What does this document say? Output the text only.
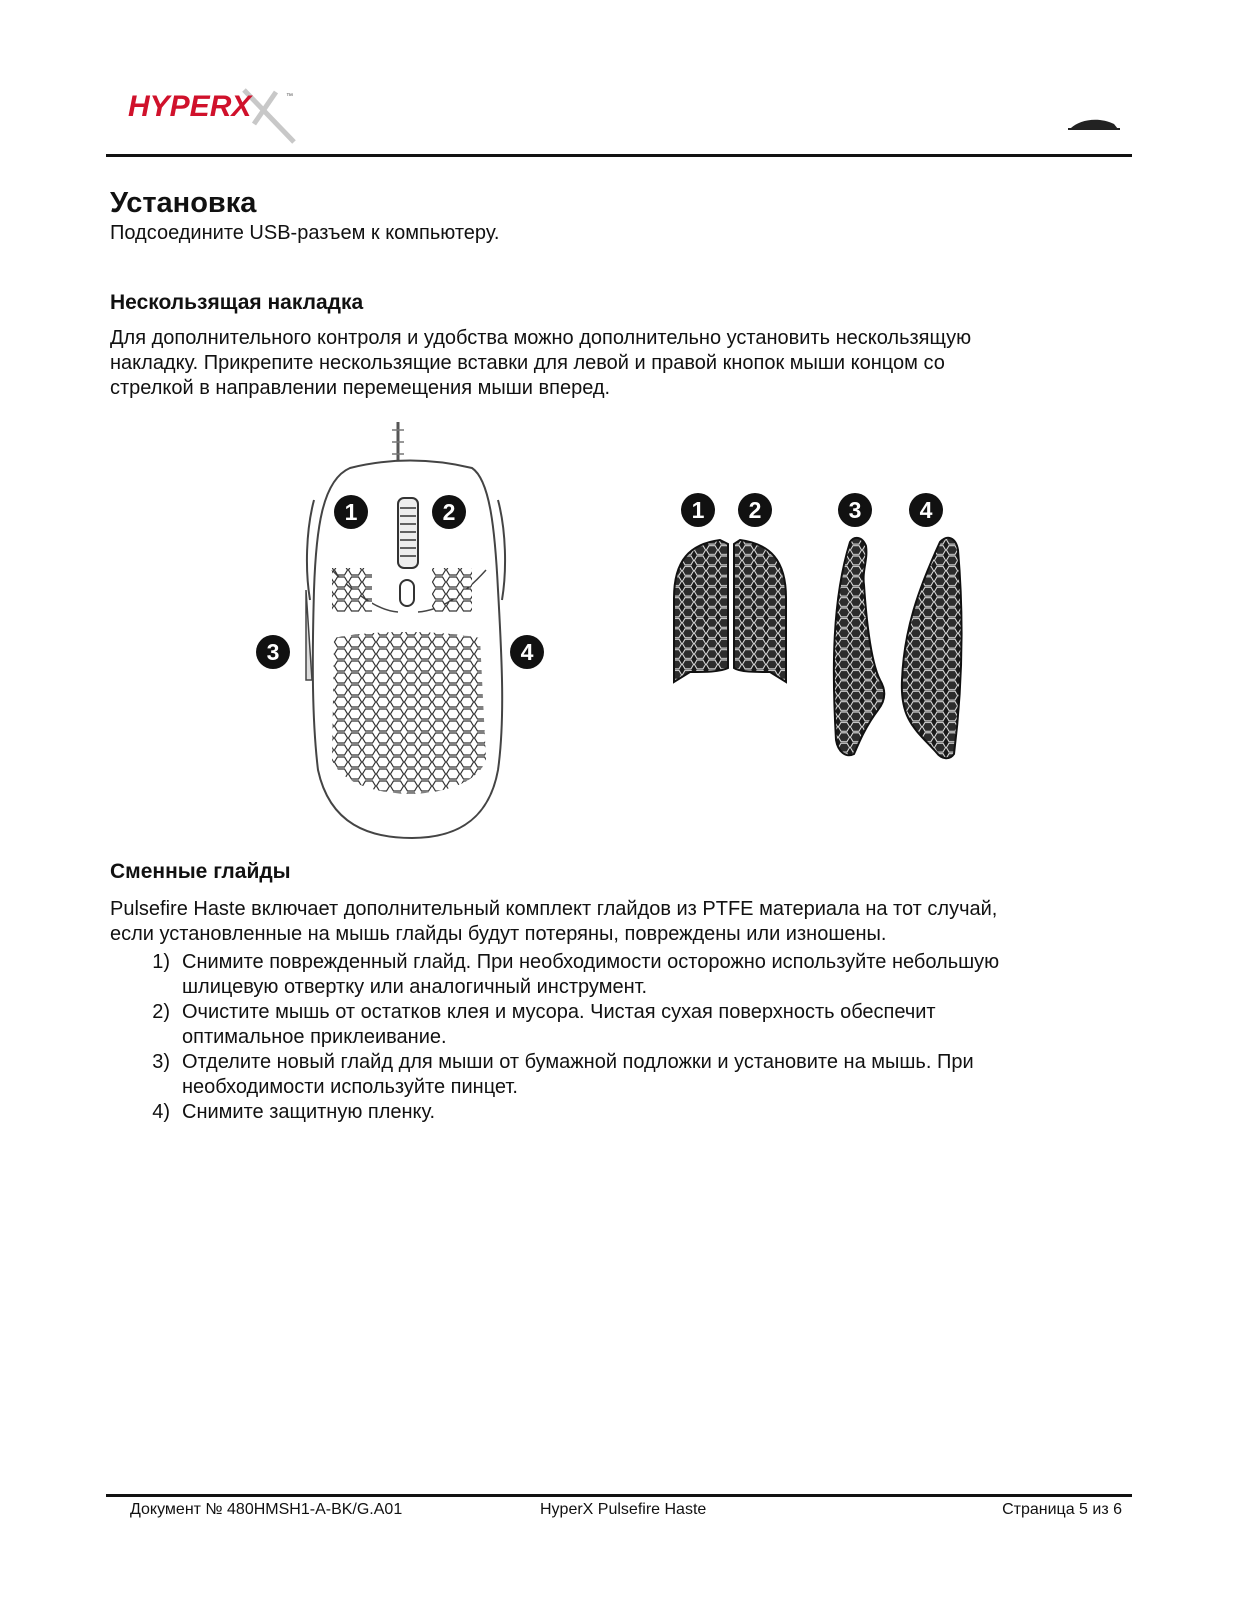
HYPERX	™
Установка

Подсоедините USB-разъем к компьютеру.

Нескользящая накладка

Для дополнительного контроля и удобства можно дополнительно установить нескользящую

накладку. Прикрепите нескользящие вставки для левой и правой кнопок мыши концом со

стрелкой в направлении перемещения мыши вперед.

1	2
3	4
1 2	3	4
Сменные глайды

Pulsefire Haste включает дополнительный комплект глайдов из PTFE материала на тот случай,

если установленные на мышь глайды будут потеряны, повреждены или изношены.

1) Снимите поврежденный глайд. При необходимости осторожно используйте небольшую
шлицевую отвертку или аналогичный инструмент.
2) Очистите мышь от остатков клея и мусора. Чистая сухая поверхность обеспечит
оптимальное приклеивание.
3) Отделите новый глайд для мыши от бумажной подложки и установите на мышь. При
необходимости используйте пинцет.
4) Снимите защитную пленку.
Документ № 480HMSH1-A-BK/G.A01	HyperX Pulsefire Haste	Страница 5 из 6
